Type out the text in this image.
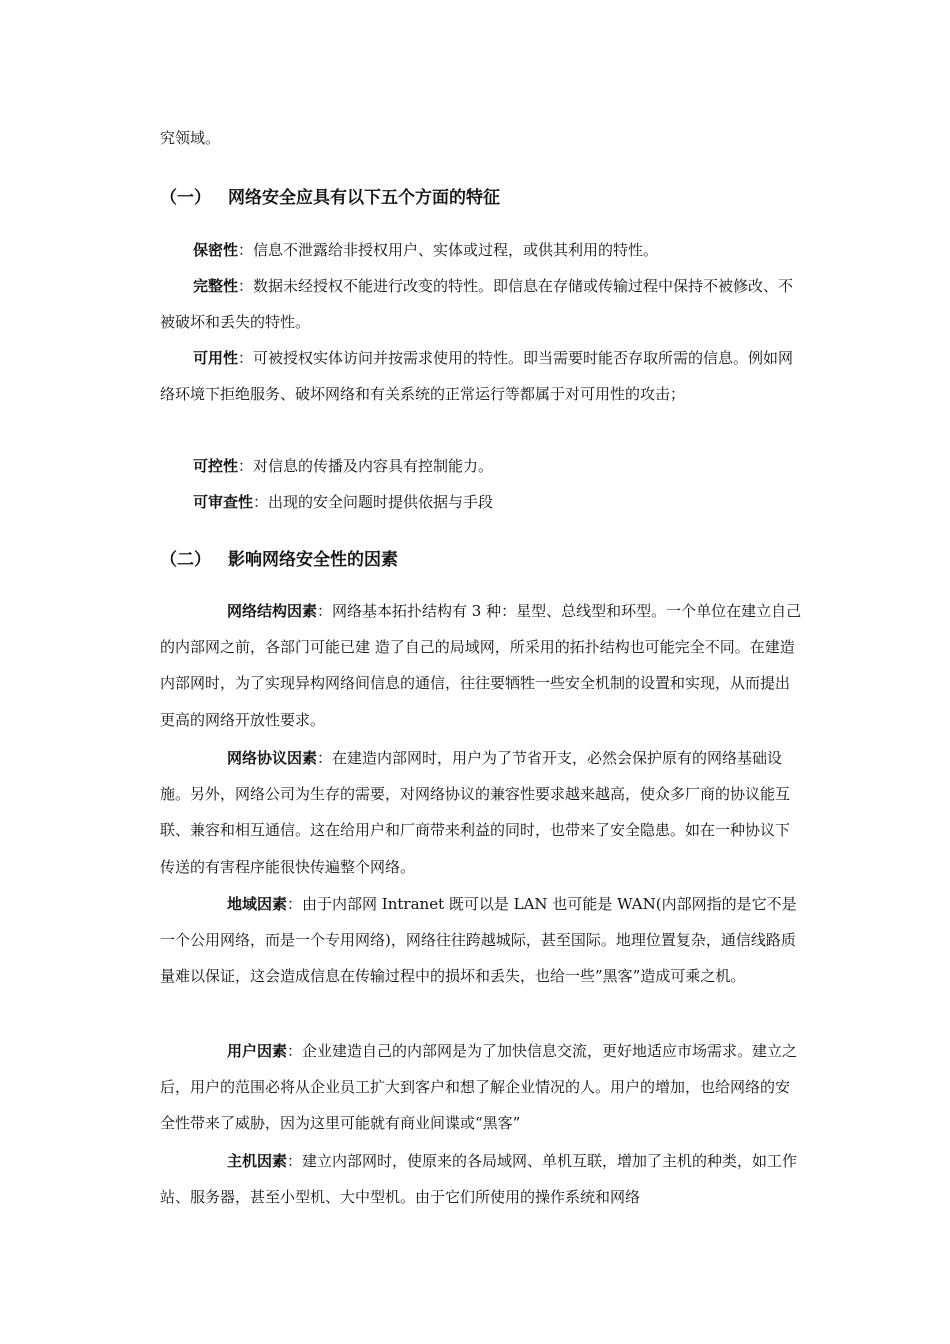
究领域。

（一） 网络安全应具有以下五个方面的特征

保密性：信息不泄露给非授权用户、实体或过程，或供其利用的特性。

完整性：数据未经授权不能进行改变的特性。即信息在存储或传输过程中保持不被修改、不被破坏和丢失的特性。

可用性：可被授权实体访问并按需求使用的特性。即当需要时能否存取所需的信息。例如网络环境下拒绝服务、破坏网络和有关系统的正常运行等都属于对可用性的攻击；

可控性：对信息的传播及内容具有控制能力。

可审查性：出现的安全问题时提供依据与手段

（二） 影响网络安全性的因素

网络结构因素：网络基本拓扑结构有 3 种：星型、总线型和环型。一个单位在建立自己的内部网之前，各部门可能已建 造了自己的局域网，所采用的拓扑结构也可能完全不同。在建造内部网时，为了实现异构网络间信息的通信，往往要牺牲一些安全机制的设置和实现，从而提出更高的网络开放性要求。

网络协议因素：在建造内部网时，用户为了节省开支，必然会保护原有的网络基础设施。另外，网络公司为生存的需要，对网络协议的兼容性要求越来越高，使众多厂商的协议能互联、兼容和相互通信。这在给用户和厂商带来利益的同时，也带来了安全隐患。如在一种协议下传送的有害程序能很快传遍整个网络。

地域因素：由于内部网 Intranet 既可以是 LAN 也可能是 WAN(内部网指的是它不是一个公用网络，而是一个专用网络)，网络往往跨越城际，甚至国际。地理位置复杂，通信线路质量难以保证，这会造成信息在传输过程中的损坏和丢失，也给一些”黑客”造成可乘之机。

用户因素：企业建造自己的内部网是为了加快信息交流，更好地适应市场需求。建立之后，用户的范围必将从企业员工扩大到客户和想了解企业情况的人。用户的增加，也给网络的安全性带来了威胁，因为这里可能就有商业间谍或“黑客”

主机因素：建立内部网时，使原来的各局域网、单机互联，增加了主机的种类，如工作站、服务器，甚至小型机、大中型机。由于它们所使用的操作系统和网络
